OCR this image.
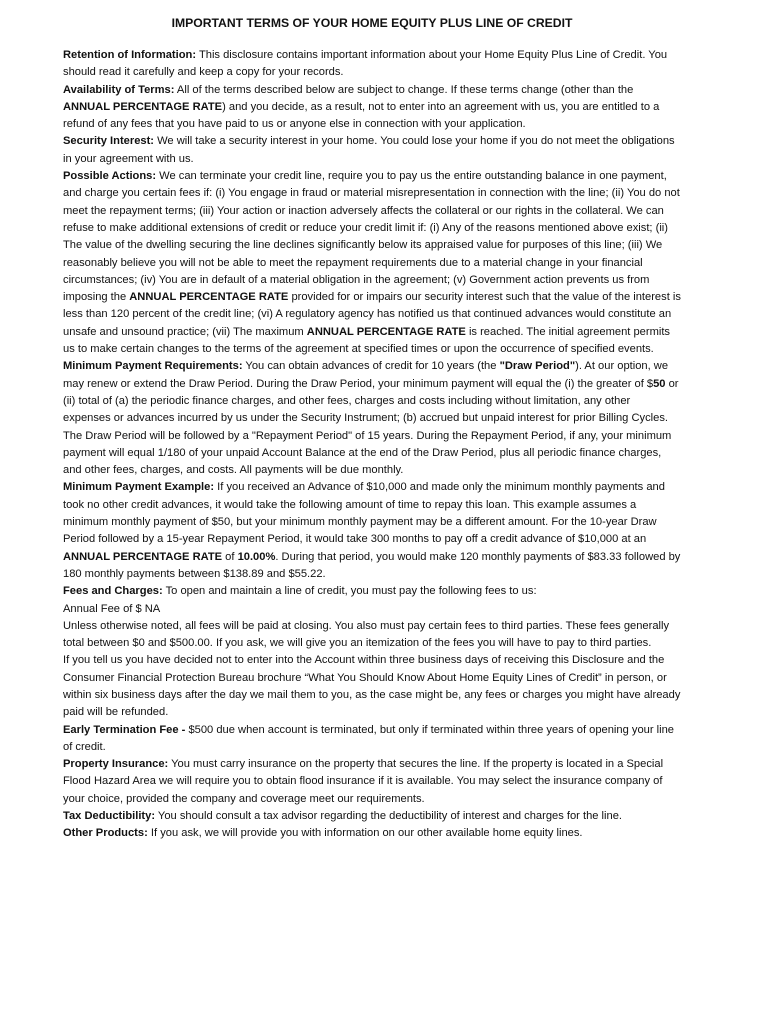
IMPORTANT TERMS OF YOUR HOME EQUITY PLUS LINE OF CREDIT

Retention of Information: This disclosure contains important information about your Home Equity Plus Line of Credit. You should read it carefully and keep a copy for your records.

Availability of Terms: All of the terms described below are subject to change. If these terms change (other than the ANNUAL PERCENTAGE RATE) and you decide, as a result, not to enter into an agreement with us, you are entitled to a refund of any fees that you have paid to us or anyone else in connection with your application.

Security Interest: We will take a security interest in your home. You could lose your home if you do not meet the obligations in your agreement with us.

Possible Actions: We can terminate your credit line, require you to pay us the entire outstanding balance in one payment, and charge you certain fees if: (i) You engage in fraud or material misrepresentation in connection with the line; (ii) You do not meet the repayment terms; (iii) Your action or inaction adversely affects the collateral or our rights in the collateral. We can refuse to make additional extensions of credit or reduce your credit limit if: (i) Any of the reasons mentioned above exist; (ii) The value of the dwelling securing the line declines significantly below its appraised value for purposes of this line; (iii) We reasonably believe you will not be able to meet the repayment requirements due to a material change in your financial circumstances; (iv) You are in default of a material obligation in the agreement; (v) Government action prevents us from imposing the ANNUAL PERCENTAGE RATE provided for or impairs our security interest such that the value of the interest is less than 120 percent of the credit line; (vi) A regulatory agency has notified us that continued advances would constitute an unsafe and unsound practice; (vii) The maximum ANNUAL PERCENTAGE RATE is reached. The initial agreement permits us to make certain changes to the terms of the agreement at specified times or upon the occurrence of specified events.

Minimum Payment Requirements: You can obtain advances of credit for 10 years (the "Draw Period"). At our option, we may renew or extend the Draw Period. During the Draw Period, your minimum payment will equal the (i) the greater of $50 or (ii) total of (a) the periodic finance charges, and other fees, charges and costs including without limitation, any other expenses or advances incurred by us under the Security Instrument; (b) accrued but unpaid interest for prior Billing Cycles. The Draw Period will be followed by a "Repayment Period" of 15 years. During the Repayment Period, if any, your minimum payment will equal 1/180 of your unpaid Account Balance at the end of the Draw Period, plus all periodic finance charges, and other fees, charges, and costs. All payments will be due monthly.

Minimum Payment Example: If you received an Advance of $10,000 and made only the minimum monthly payments and took no other credit advances, it would take the following amount of time to repay this loan. This example assumes a minimum monthly payment of $50, but your minimum monthly payment may be a different amount. For the 10-year Draw Period followed by a 15-year Repayment Period, it would take 300 months to pay off a credit advance of $10,000 at an ANNUAL PERCENTAGE RATE of 10.00%. During that period, you would make 120 monthly payments of $83.33 followed by 180 monthly payments between $138.89 and $55.22.

Fees and Charges: To open and maintain a line of credit, you must pay the following fees to us:

Annual Fee of $ NA

Unless otherwise noted, all fees will be paid at closing. You also must pay certain fees to third parties. These fees generally total between $0 and $500.00. If you ask, we will give you an itemization of the fees you will have to pay to third parties.

If you tell us you have decided not to enter into the Account within three business days of receiving this Disclosure and the Consumer Financial Protection Bureau brochure “What You Should Know About Home Equity Lines of Credit” in person, or within six business days after the day we mail them to you, as the case might be, any fees or charges you might have already paid will be refunded.

Early Termination Fee - $500 due when account is terminated, but only if terminated within three years of opening your line of credit.

Property Insurance: You must carry insurance on the property that secures the line. If the property is located in a Special Flood Hazard Area we will require you to obtain flood insurance if it is available. You may select the insurance company of your choice, provided the company and coverage meet our requirements.

Tax Deductibility: You should consult a tax advisor regarding the deductibility of interest and charges for the line.

Other Products: If you ask, we will provide you with information on our other available home equity lines.
